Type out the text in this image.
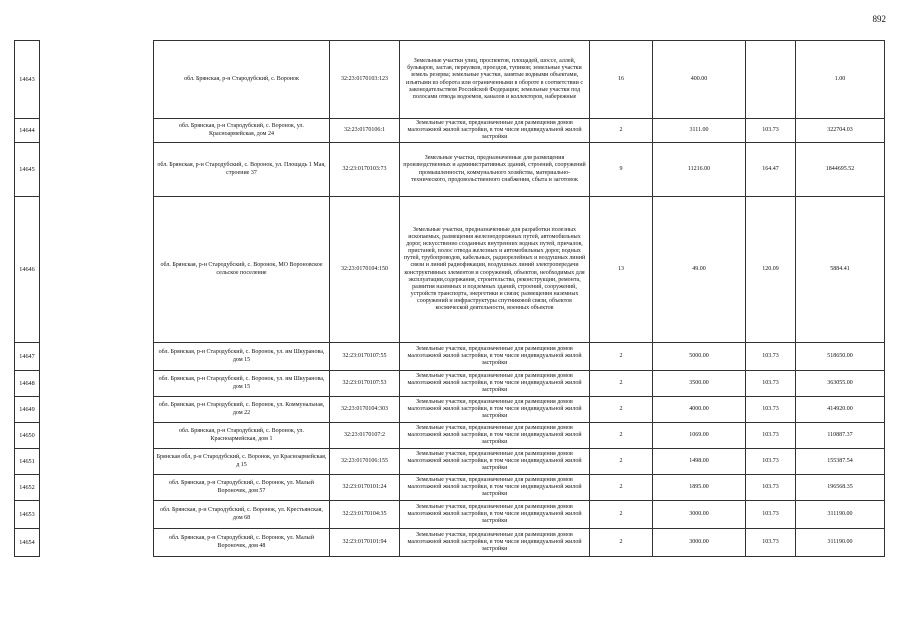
892
14643		обл. Брянская, р-н Стародубский, с. Воронок	32:23:0170103:123	Земельные участки улиц, проспектов, площадей, шоссе, аллей, бульваров, застав, переулков, проездов, тупиков; земельные участки земель резерва; земельные участки, занятые водными объектами, изъятыми из оборота или ограниченными в обороте в соответствии с законодательством Российской Федерации; земельные участки под полосами отвода водоемов, каналов и коллекторов, набережные	16	400.00		1.00
14644		обл. Брянская, р-н Стародубский, с. Воронок, ул. Красноармейская, дом 24	32:23:0170106:1	Земельные участки, предназначенные для размещения домов малоэтажной жилой застройки, в том числе индивидуальной жилой застройки	2	3111.00	103.73	322704.03
14645		обл. Брянская, р-н Стародубский, с. Воронок, ул. Площадь 1 Мая, строение 37	32:23:0170103:73	Земельные участки, предназначенные для размещения производственных и административных зданий, строений, сооружений промышленности, коммунального хозяйства, материально-технического, продовольственного снабжения, сбыта и заготовок	9	11216.00	164.47	1844695.52
14646		обл. Брянская, р-н Стародубский, с. Воронок, МО Вороновское сельское поселение	32:23:0170104:150	Земельные участки, предназначенные для разработки полезных ископаемых, размещения железнодорожных путей, автомобильных дорог, искусственно созданных внутренних водных путей, причалов, пристаней, полос отвода железных и автомобильных дорог, водных путей, трубопроводов, кабельных, радиорелейных и воздушных линий связи и линий радиофикации, воздушных линий электропередачи конструктивных элементов и сооружений, объектов, необходимых для эксплуатации,содержания, строительства, реконструкции, ремонта, развития наземных и подземных зданий, строений, сооружений, устройств транспорта, энергетики и связи; размещения наземных сооружений и инфраструктуры спутниковой связи, объектов космической деятельности, военных объектов	13	49.00	120.09	5884.41
14647		обл. Брянская, р-н Стародубский, с. Воронок, ул. им Шкуранова, дом 15	32:23:0170107:55	Земельные участки, предназначенные для размещения домов малоэтажной жилой застройки, в том числе индивидуальной жилой застройки	2	5000.00	103.73	518650.00
14648		обл. Брянская, р-н Стародубский, с. Воронок, ул. им Шкуранова, дом 15	32:23:0170107:53	Земельные участки, предназначенные для размещения домов малоэтажной жилой застройки, в том числе индивидуальной жилой застройки	2	3500.00	103.73	363055.00
14649		обл. Брянская, р-н Стародубский, с. Воронок, ул. Коммунальная, дом 22	32:23:0170104:303	Земельные участки, предназначенные для размещения домов малоэтажной жилой застройки, в том числе индивидуальной жилой застройки	2	4000.00	103.73	414920.00
14650		обл. Брянская, р-н Стародубский, с. Воронок, ул. Красноармейская, дом 1	32:23:0170107:2	Земельные участки, предназначенные для размещения домов малоэтажной жилой застройки, в том числе индивидуальной жилой застройки	2	1069.00	103.73	110887.37
14651		Брянская обл, р-н Стародубский, с. Воронок, ул Красноармейская, д 15	32:23:0170106:155	Земельные участки, предназначенные для размещения домов малоэтажной жилой застройки, в том числе индивидуальной жилой застройки	2	1498.00	103.73	155387.54
14652		обл. Брянская, р-н Стародубский, с. Воронок, ул. Малый Вороночек, дом 57	32:23:0170101:24	Земельные участки, предназначенные для размещения домов малоэтажной жилой застройки, в том числе индивидуальной жилой застройки	2	1895.00	103.73	196568.35
14653		обл. Брянская, р-н Стародубский, с. Воронок, ул. Крестьянская, дом 68	32:23:0170104:35	Земельные участки, предназначенные для размещения домов малоэтажной жилой застройки, в том числе индивидуальной жилой застройки	2	3000.00	103.73	311190.00
14654		обл. Брянская, р-н Стародубский, с. Воронок, ул. Малый Вороночек, дом 48	32:23:0170101:94	Земельные участки, предназначенные для размещения домов малоэтажной жилой застройки, в том числе индивидуальной жилой застройки	2	3000.00	103.73	311190.00
